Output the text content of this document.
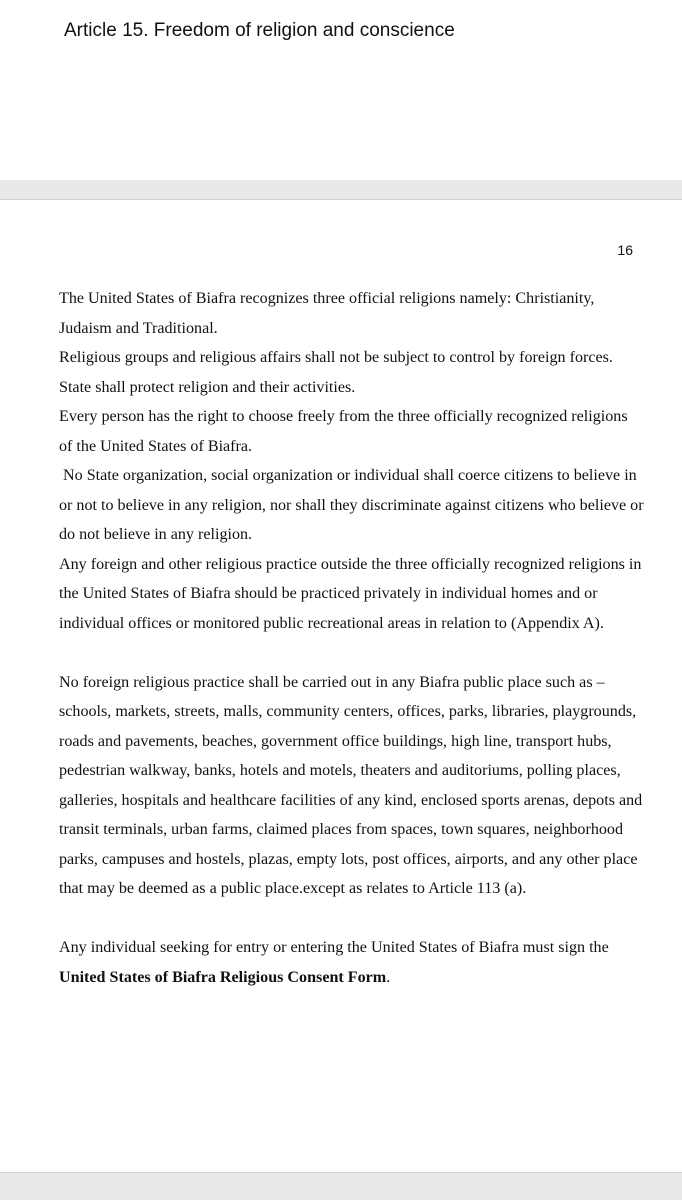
Article 15. Freedom of religion and conscience
16

The United States of Biafra recognizes three official religions namely: Christianity, Judaism and Traditional.

Religious groups and religious affairs shall not be subject to control by foreign forces. State shall protect religion and their activities.

Every person has the right to choose freely from the three officially recognized religions of the United States of Biafra.

No State organization, social organization or individual shall coerce citizens to believe in or not to believe in any religion, nor shall they discriminate against citizens who believe or do not believe in any religion.

Any foreign and other religious practice outside the three officially recognized religions in the United States of Biafra should be practiced privately in individual homes and or individual offices or monitored public recreational areas in relation to (Appendix A).

No foreign religious practice shall be carried out in any Biafra public place such as – schools, markets, streets, malls, community centers, offices, parks, libraries, playgrounds, roads and pavements, beaches, government office buildings, high line, transport hubs, pedestrian walkway, banks, hotels and motels, theaters and auditoriums, polling places, galleries, hospitals and healthcare facilities of any kind, enclosed sports arenas, depots and transit terminals, urban farms, claimed places from spaces, town squares, neighborhood parks, campuses and hostels, plazas, empty lots, post offices, airports, and any other place that may be deemed as a public place.except as relates to Article 113 (a).

Any individual seeking for entry or entering the United States of Biafra must sign the United States of Biafra Religious Consent Form.
